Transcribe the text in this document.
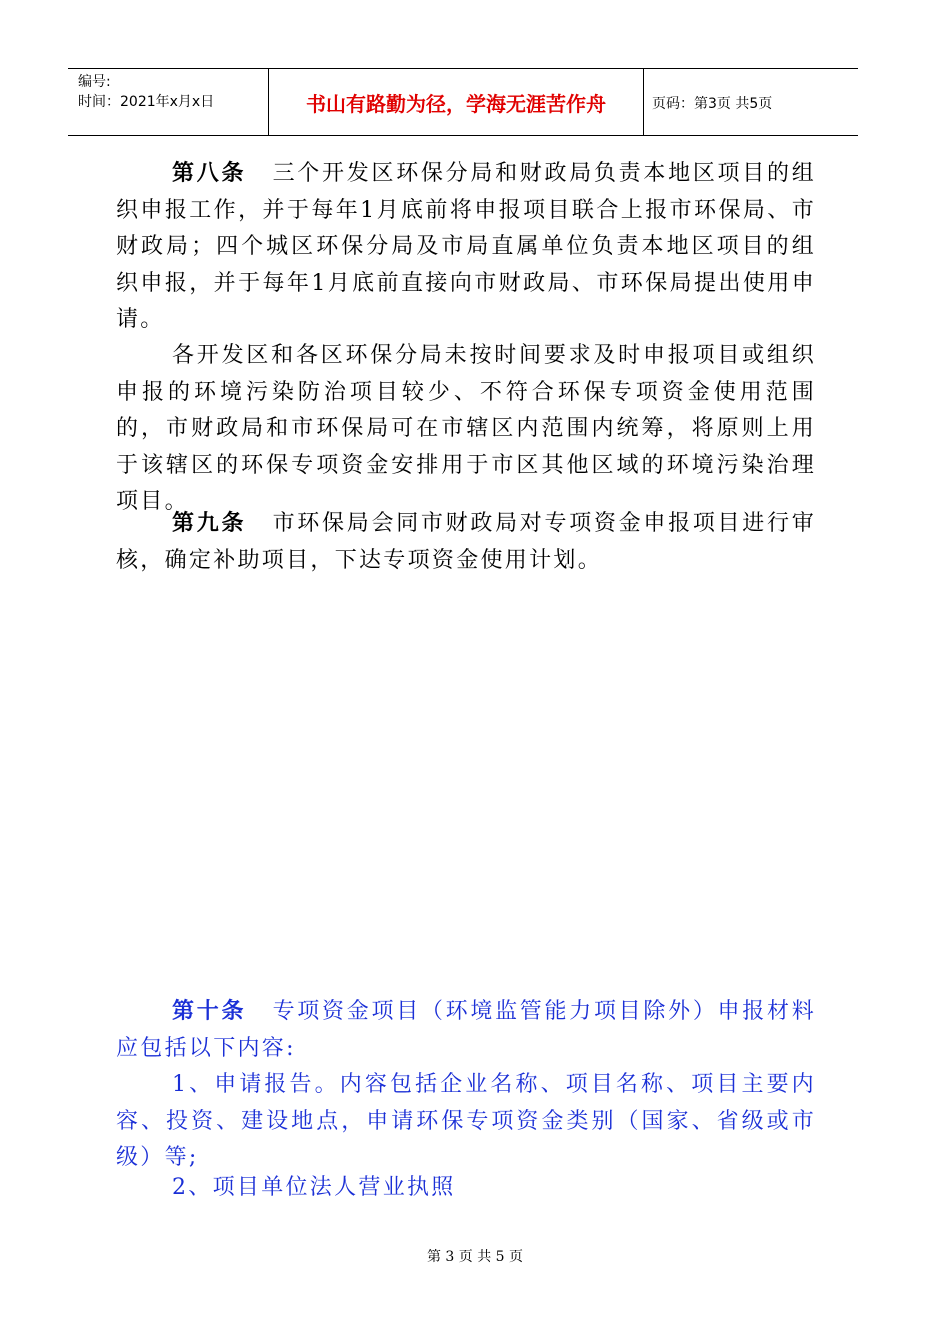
编号:
时间：2021年x月x日	书山有路勤为径，学海无涯苦作舟	页码：第3页 共5页

第八条 三个开发区环保分局和财政局负责本地区项目的组织申报工作，并于每年1月底前将申报项目联合上报市环保局、市财政局；四个城区环保分局及市局直属单位负责本地区项目的组织申报，并于每年1月底前直接向市财政局、市环保局提出使用申请。

各开发区和各区环保分局未按时间要求及时申报项目或组织申报的环境污染防治项目较少、不符合环保专项资金使用范围的，市财政局和市环保局可在市辖区内范围内统筹，将原则上用于该辖区的环保专项资金安排用于市区其他区域的环境污染治理项目。

第九条 市环保局会同市财政局对专项资金申报项目进行审核，确定补助项目，下达专项资金使用计划。

第十条 专项资金项目（环境监管能力项目除外）申报材料应包括以下内容:

1、申请报告。内容包括企业名称、项目名称、项目主要内容、投资、建设地点，申请环保专项资金类别（国家、省级或市级）等;

2、项目单位法人营业执照

第 3 页 共 5 页
